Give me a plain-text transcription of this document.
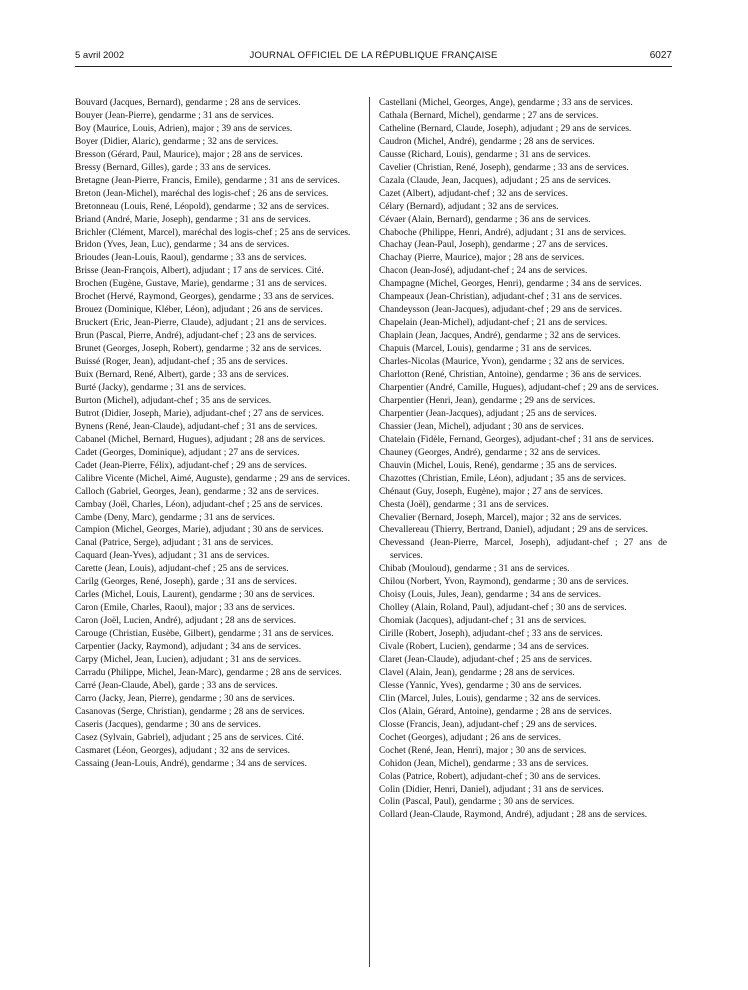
5 avril 2002	JOURNAL OFFICIEL DE LA RÉPUBLIQUE FRANÇAISE	6027

Bouvard (Jacques, Bernard), gendarme ; 28 ans de services.

Bouyer (Jean-Pierre), gendarme ; 31 ans de services.

Boy (Maurice, Louis, Adrien), major ; 39 ans de services.

Boyer (Didier, Alaric), gendarme ; 32 ans de services.

Bresson (Gérard, Paul, Maurice), major ; 28 ans de services.

Bressy (Bernard, Gilles), garde ; 33 ans de services.

Bretagne (Jean-Pierre, Francis, Emile), gendarme ; 31 ans de services.

Breton (Jean-Michel), maréchal des logis-chef ; 26 ans de services.

Bretonneau (Louis, René, Léopold), gendarme ; 32 ans de services.

Briand (André, Marie, Joseph), gendarme ; 31 ans de services.

Brichler (Clément, Marcel), maréchal des logis-chef ; 25 ans de services.

Bridon (Yves, Jean, Luc), gendarme ; 34 ans de services.

Brioudes (Jean-Louis, Raoul), gendarme ; 33 ans de services.

Brisse (Jean-François, Albert), adjudant ; 17 ans de services. Cité.

Brochen (Eugène, Gustave, Marie), gendarme ; 31 ans de services.

Brochet (Hervé, Raymond, Georges), gendarme ; 33 ans de services.

Brouez (Dominique, Kléber, Léon), adjudant ; 26 ans de services.

Bruckert (Eric, Jean-Pierre, Claude), adjudant ; 21 ans de services.

Brun (Pascal, Pierre, André), adjudant-chef ; 23 ans de services.

Brunet (Georges, Joseph, Robert), gendarme ; 32 ans de services.

Buissé (Roger, Jean), adjudant-chef ; 35 ans de services.

Buix (Bernard, René, Albert), garde ; 33 ans de services.

Burté (Jacky), gendarme ; 31 ans de services.

Burton (Michel), adjudant-chef ; 35 ans de services.

Butrot (Didier, Joseph, Marie), adjudant-chef ; 27 ans de services.

Bynens (René, Jean-Claude), adjudant-chef ; 31 ans de services.

Cabanel (Michel, Bernard, Hugues), adjudant ; 28 ans de services.

Cadet (Georges, Dominique), adjudant ; 27 ans de services.

Cadet (Jean-Pierre, Félix), adjudant-chef ; 29 ans de services.

Calibre Vicente (Michel, Aimé, Auguste), gendarme ; 29 ans de services.

Calloch (Gabriel, Georges, Jean), gendarme ; 32 ans de services.

Cambay (Joël, Charles, Léon), adjudant-chef ; 25 ans de services.

Cambe (Deny, Marc), gendarme ; 31 ans de services.

Campion (Michel, Georges, Marie), adjudant ; 30 ans de services.

Canal (Patrice, Serge), adjudant ; 31 ans de services.

Caquard (Jean-Yves), adjudant ; 31 ans de services.

Carette (Jean, Louis), adjudant-chef ; 25 ans de services.

Carilg (Georges, René, Joseph), garde ; 31 ans de services.

Carles (Michel, Louis, Laurent), gendarme ; 30 ans de services.

Caron (Emile, Charles, Raoul), major ; 33 ans de services.

Caron (Joël, Lucien, André), adjudant ; 28 ans de services.

Carouge (Christian, Eusèbe, Gilbert), gendarme ; 31 ans de services.

Carpentier (Jacky, Raymond), adjudant ; 34 ans de services.

Carpy (Michel, Jean, Lucien), adjudant ; 31 ans de services.

Carradu (Philippe, Michel, Jean-Marc), gendarme ; 28 ans de services.

Carré (Jean-Claude, Abel), garde ; 33 ans de services.

Carro (Jacky, Jean, Pierre), gendarme ; 30 ans de services.

Casanovas (Serge, Christian), gendarme ; 28 ans de services.

Caseris (Jacques), gendarme ; 30 ans de services.

Casez (Sylvain, Gabriel), adjudant ; 25 ans de services. Cité.

Casmaret (Léon, Georges), adjudant ; 32 ans de services.

Cassaing (Jean-Louis, André), gendarme ; 34 ans de services.

Castellani (Michel, Georges, Ange), gendarme ; 33 ans de services.

Cathala (Bernard, Michel), gendarme ; 27 ans de services.

Catheline (Bernard, Claude, Joseph), adjudant ; 29 ans de services.

Caudron (Michel, André), gendarme ; 28 ans de services.

Causse (Richard, Louis), gendarme ; 31 ans de services.

Cavelier (Christian, René, Joseph), gendarme ; 33 ans de services.

Cazala (Claude, Jean, Jacques), adjudant ; 25 ans de services.

Cazet (Albert), adjudant-chef ; 32 ans de services.

Célary (Bernard), adjudant ; 32 ans de services.

Cévaer (Alain, Bernard), gendarme ; 36 ans de services.

Chaboche (Philippe, Henri, André), adjudant ; 31 ans de services.

Chachay (Jean-Paul, Joseph), gendarme ; 27 ans de services.

Chachay (Pierre, Maurice), major ; 28 ans de services.

Chacon (Jean-José), adjudant-chef ; 24 ans de services.

Champagne (Michel, Georges, Henri), gendarme ; 34 ans de services.

Champeaux (Jean-Christian), adjudant-chef ; 31 ans de services.

Chandeysson (Jean-Jacques), adjudant-chef ; 29 ans de services.

Chapelain (Jean-Michel), adjudant-chef ; 21 ans de services.

Chaplain (Jean, Jacques, André), gendarme ; 32 ans de services.

Chapuis (Marcel, Louis), gendarme ; 31 ans de services.

Charles-Nicolas (Maurice, Yvon), gendarme ; 32 ans de services.

Charlotton (René, Christian, Antoine), gendarme ; 36 ans de services.

Charpentier (André, Camille, Hugues), adjudant-chef ; 29 ans de services.

Charpentier (Henri, Jean), gendarme ; 29 ans de services.

Charpentier (Jean-Jacques), adjudant ; 25 ans de services.

Chassier (Jean, Michel), adjudant ; 30 ans de services.

Chatelain (Fidèle, Fernand, Georges), adjudant-chef ; 31 ans de services.

Chauney (Georges, André), gendarme ; 32 ans de services.

Chauvin (Michel, Louis, René), gendarme ; 35 ans de services.

Chazottes (Christian, Emile, Léon), adjudant ; 35 ans de services.

Chénaut (Guy, Joseph, Eugène), major ; 27 ans de services.

Chesta (Joël), gendarme ; 31 ans de services.

Chevalier (Bernard, Joseph, Marcel), major ; 32 ans de services.

Chevallereau (Thierry, Bertrand, Daniel), adjudant ; 29 ans de services.

Chevessand (Jean-Pierre, Marcel, Joseph), adjudant-chef ; 27 ans de services.

Chibab (Mouloud), gendarme ; 31 ans de services.

Chilou (Norbert, Yvon, Raymond), gendarme ; 30 ans de services.

Choisy (Louis, Jules, Jean), gendarme ; 34 ans de services.

Cholley (Alain, Roland, Paul), adjudant-chef ; 30 ans de services.

Chomiak (Jacques), adjudant-chef ; 31 ans de services.

Cirille (Robert, Joseph), adjudant-chef ; 33 ans de services.

Civale (Robert, Lucien), gendarme ; 34 ans de services.

Claret (Jean-Claude), adjudant-chef ; 25 ans de services.

Clavel (Alain, Jean), gendarme ; 28 ans de services.

Clesse (Yannic, Yves), gendarme ; 30 ans de services.

Clin (Marcel, Jules, Louis), gendarme ; 32 ans de services.

Clos (Alain, Gérard, Antoine), gendarme ; 28 ans de services.

Closse (Francis, Jean), adjudant-chef ; 29 ans de services.

Cochet (Georges), adjudant ; 26 ans de services.

Cochet (René, Jean, Henri), major ; 30 ans de services.

Cohidon (Jean, Michel), gendarme ; 33 ans de services.

Colas (Patrice, Robert), adjudant-chef ; 30 ans de services.

Colin (Didier, Henri, Daniel), adjudant ; 31 ans de services.

Colin (Pascal, Paul), gendarme ; 30 ans de services.

Collard (Jean-Claude, Raymond, André), adjudant ; 28 ans de services.
